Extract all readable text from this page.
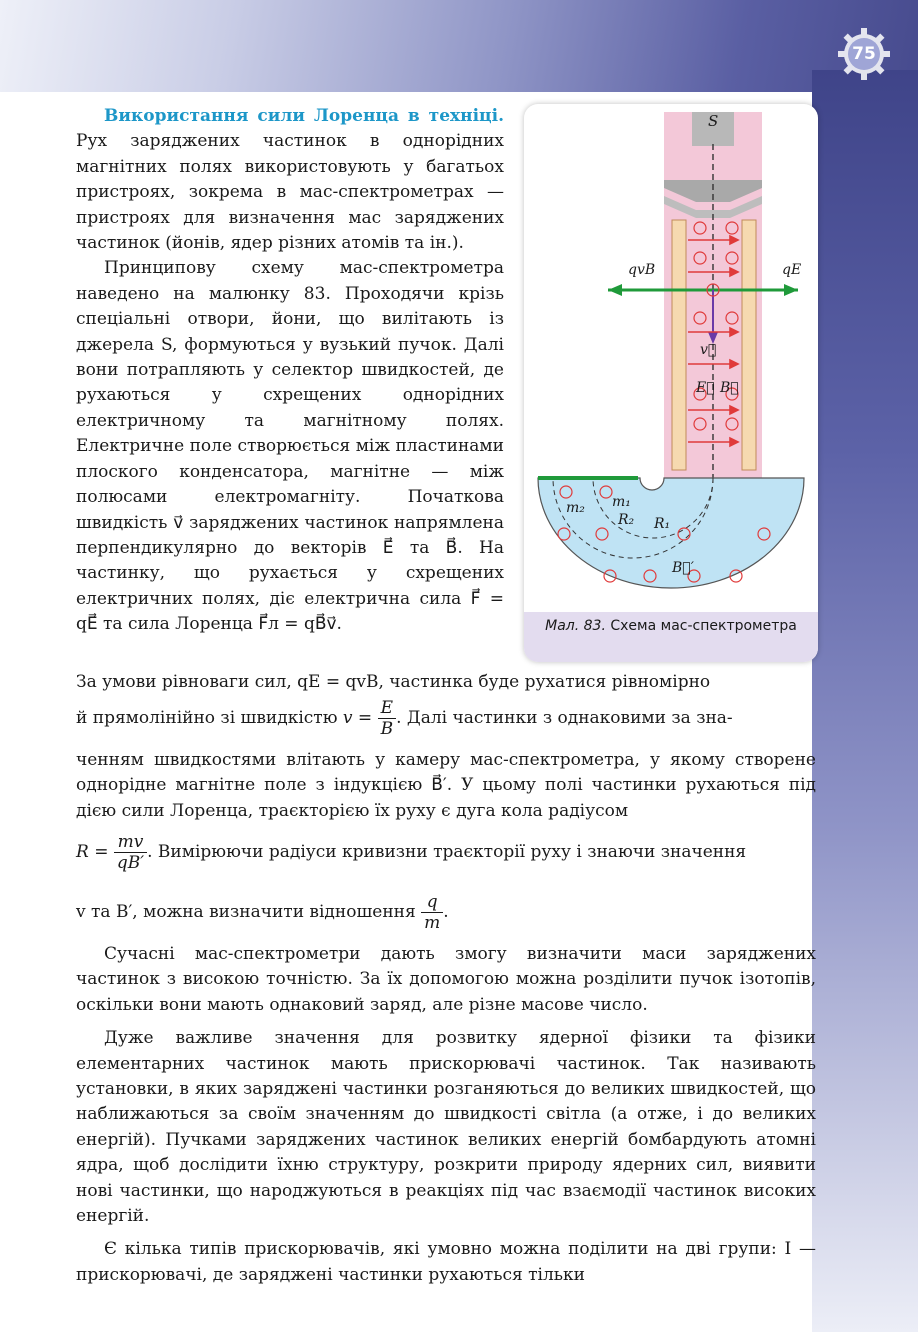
75

Використання сили Лоренца в техніці. Рух заряджених частинок в однорідних магнітних полях використовують у багатьох пристроях, зокрема в мас-спектрометрах — пристроях для визначення мас заряджених частинок (йонів, ядер різних атомів та ін.).

Принципову схему мас-спектрометра наведено на малюнку 83. Проходячи крізь спеціальні отвори, йони, що вилітають із джерела S, формуються у вузький пучок. Далі вони потрапляють у селектор швидкостей, де рухаються у схрещених однорідних електричному та магнітному полях. Електричне поле створюється між пластинами плоского конденсатора, магнітне — між полюсами електромагніту. Початкова швидкість v⃗ заряджених частинок напрямлена перпендикулярно до векторів E⃗ та B⃗. На частинку, що рухається у схрещених електричних полях, діє електрична сила F⃗ = qE⃗ та сила Лоренца F⃗л = qB⃗v⃗.

S
qvB	qE
v⃗
E⃗ B⃗
m₁
m₂
R₁
R₂
B⃗′
Мал. 83. Схема мас-спектрометра
За умови рівноваги сил, qE = qvB, частинка буде рухатися рівномірно
й прямолінійно зі швидкістю $v = \frac{E}{B}$ . Далі частинки з однаковими за зна-
ченням швидкостями влітають у камеру мас-спектрометра, у якому створене однорідне магнітне поле з індукцією B⃗′. У цьому полі частинки рухаються під дією сили Лоренца, траєкторією їх руху є дуга кола радіусом
$R = \frac{mv}{qB'}$ . Вимірюючи радіуси кривизни траєкторії руху і знаючи значення
v та B′, можна визначити відношення $\frac{q}{m}$ .

Сучасні мас-спектрометри дають змогу визначити маси заряджених частинок з високою точністю. За їх допомогою можна розділити пучок ізотопів, оскільки вони мають однаковий заряд, але різне масове число.

Дуже важливе значення для розвитку ядерної фізики та фізики елементарних частинок мають прискорювачі частинок. Так називають установки, в яких заряджені частинки розганяються до великих швидкостей, що наближаються за своїм значенням до швидкості світла (а отже, і до великих енергій). Пучками заряджених частинок великих енергій бомбардують атомні ядра, щоб дослідити їхню структуру, розкрити природу ядерних сил, виявити нові частинки, що народжуються в реакціях під час взаємодії частинок високих енергій.

Є кілька типів прискорювачів, які умовно можна поділити на дві групи: І — прискорювачі, де заряджені частинки рухаються тільки
